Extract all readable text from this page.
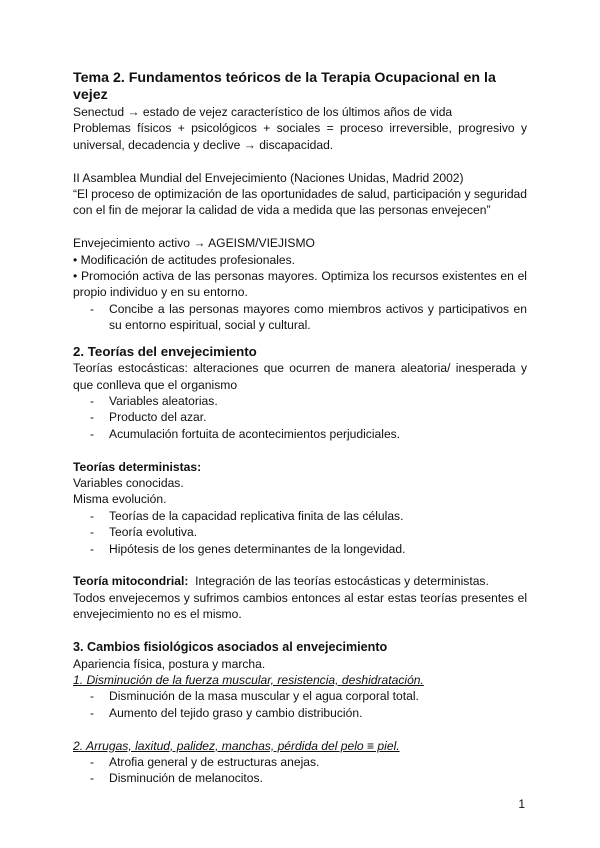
Tema 2. Fundamentos teóricos de la Terapia Ocupacional en la vejez

Senectud → estado de vejez característico de los últimos años de vida

Problemas físicos + psicológicos + sociales = proceso irreversible, progresivo y universal, decadencia y declive → discapacidad.

II Asamblea Mundial del Envejecimiento (Naciones Unidas, Madrid 2002)

“El proceso de optimización de las oportunidades de salud, participación y seguridad con el fin de mejorar la calidad de vida a medida que las personas envejecen”

Envejecimiento activo → AGEISM/VIEJISMO

• Modificación de actitudes profesionales.

• Promoción activa de las personas mayores. Optimiza los recursos existentes en el propio individuo y en su entorno.

- Concibe a las personas mayores como miembros activos y participativos en su entorno espiritual, social y cultural.
2. Teorías del envejecimiento

Teorías estocásticas: alteraciones que ocurren de manera aleatoria/ inesperada y que conlleva que el organismo

- Variables aleatorias.
- Producto del azar.
- Acumulación fortuita de acontecimientos perjudiciales.

Teorías deterministas:

Variables conocidas.

Misma evolución.

- Teorías de la capacidad replicativa finita de las células.
- Teoría evolutiva.
- Hipótesis de los genes determinantes de la longevidad.

Teoría mitocondrial:  Integración de las teorías estocásticas y deterministas.

Todos envejecemos y sufrimos cambios entonces al estar estas teorías presentes el envejecimiento no es el mismo.

3. Cambios fisiológicos asociados al envejecimiento

Apariencia física, postura y marcha.

1. Disminución de la fuerza muscular, resistencia, deshidratación.

- Disminución de la masa muscular y el agua corporal total.
- Aumento del tejido graso y cambio distribución.

2. Arrugas, laxitud, palidez, manchas, pérdida del pelo ≡ piel.

- Atrofia general y de estructuras anejas.
- Disminución de melanocitos.
1
